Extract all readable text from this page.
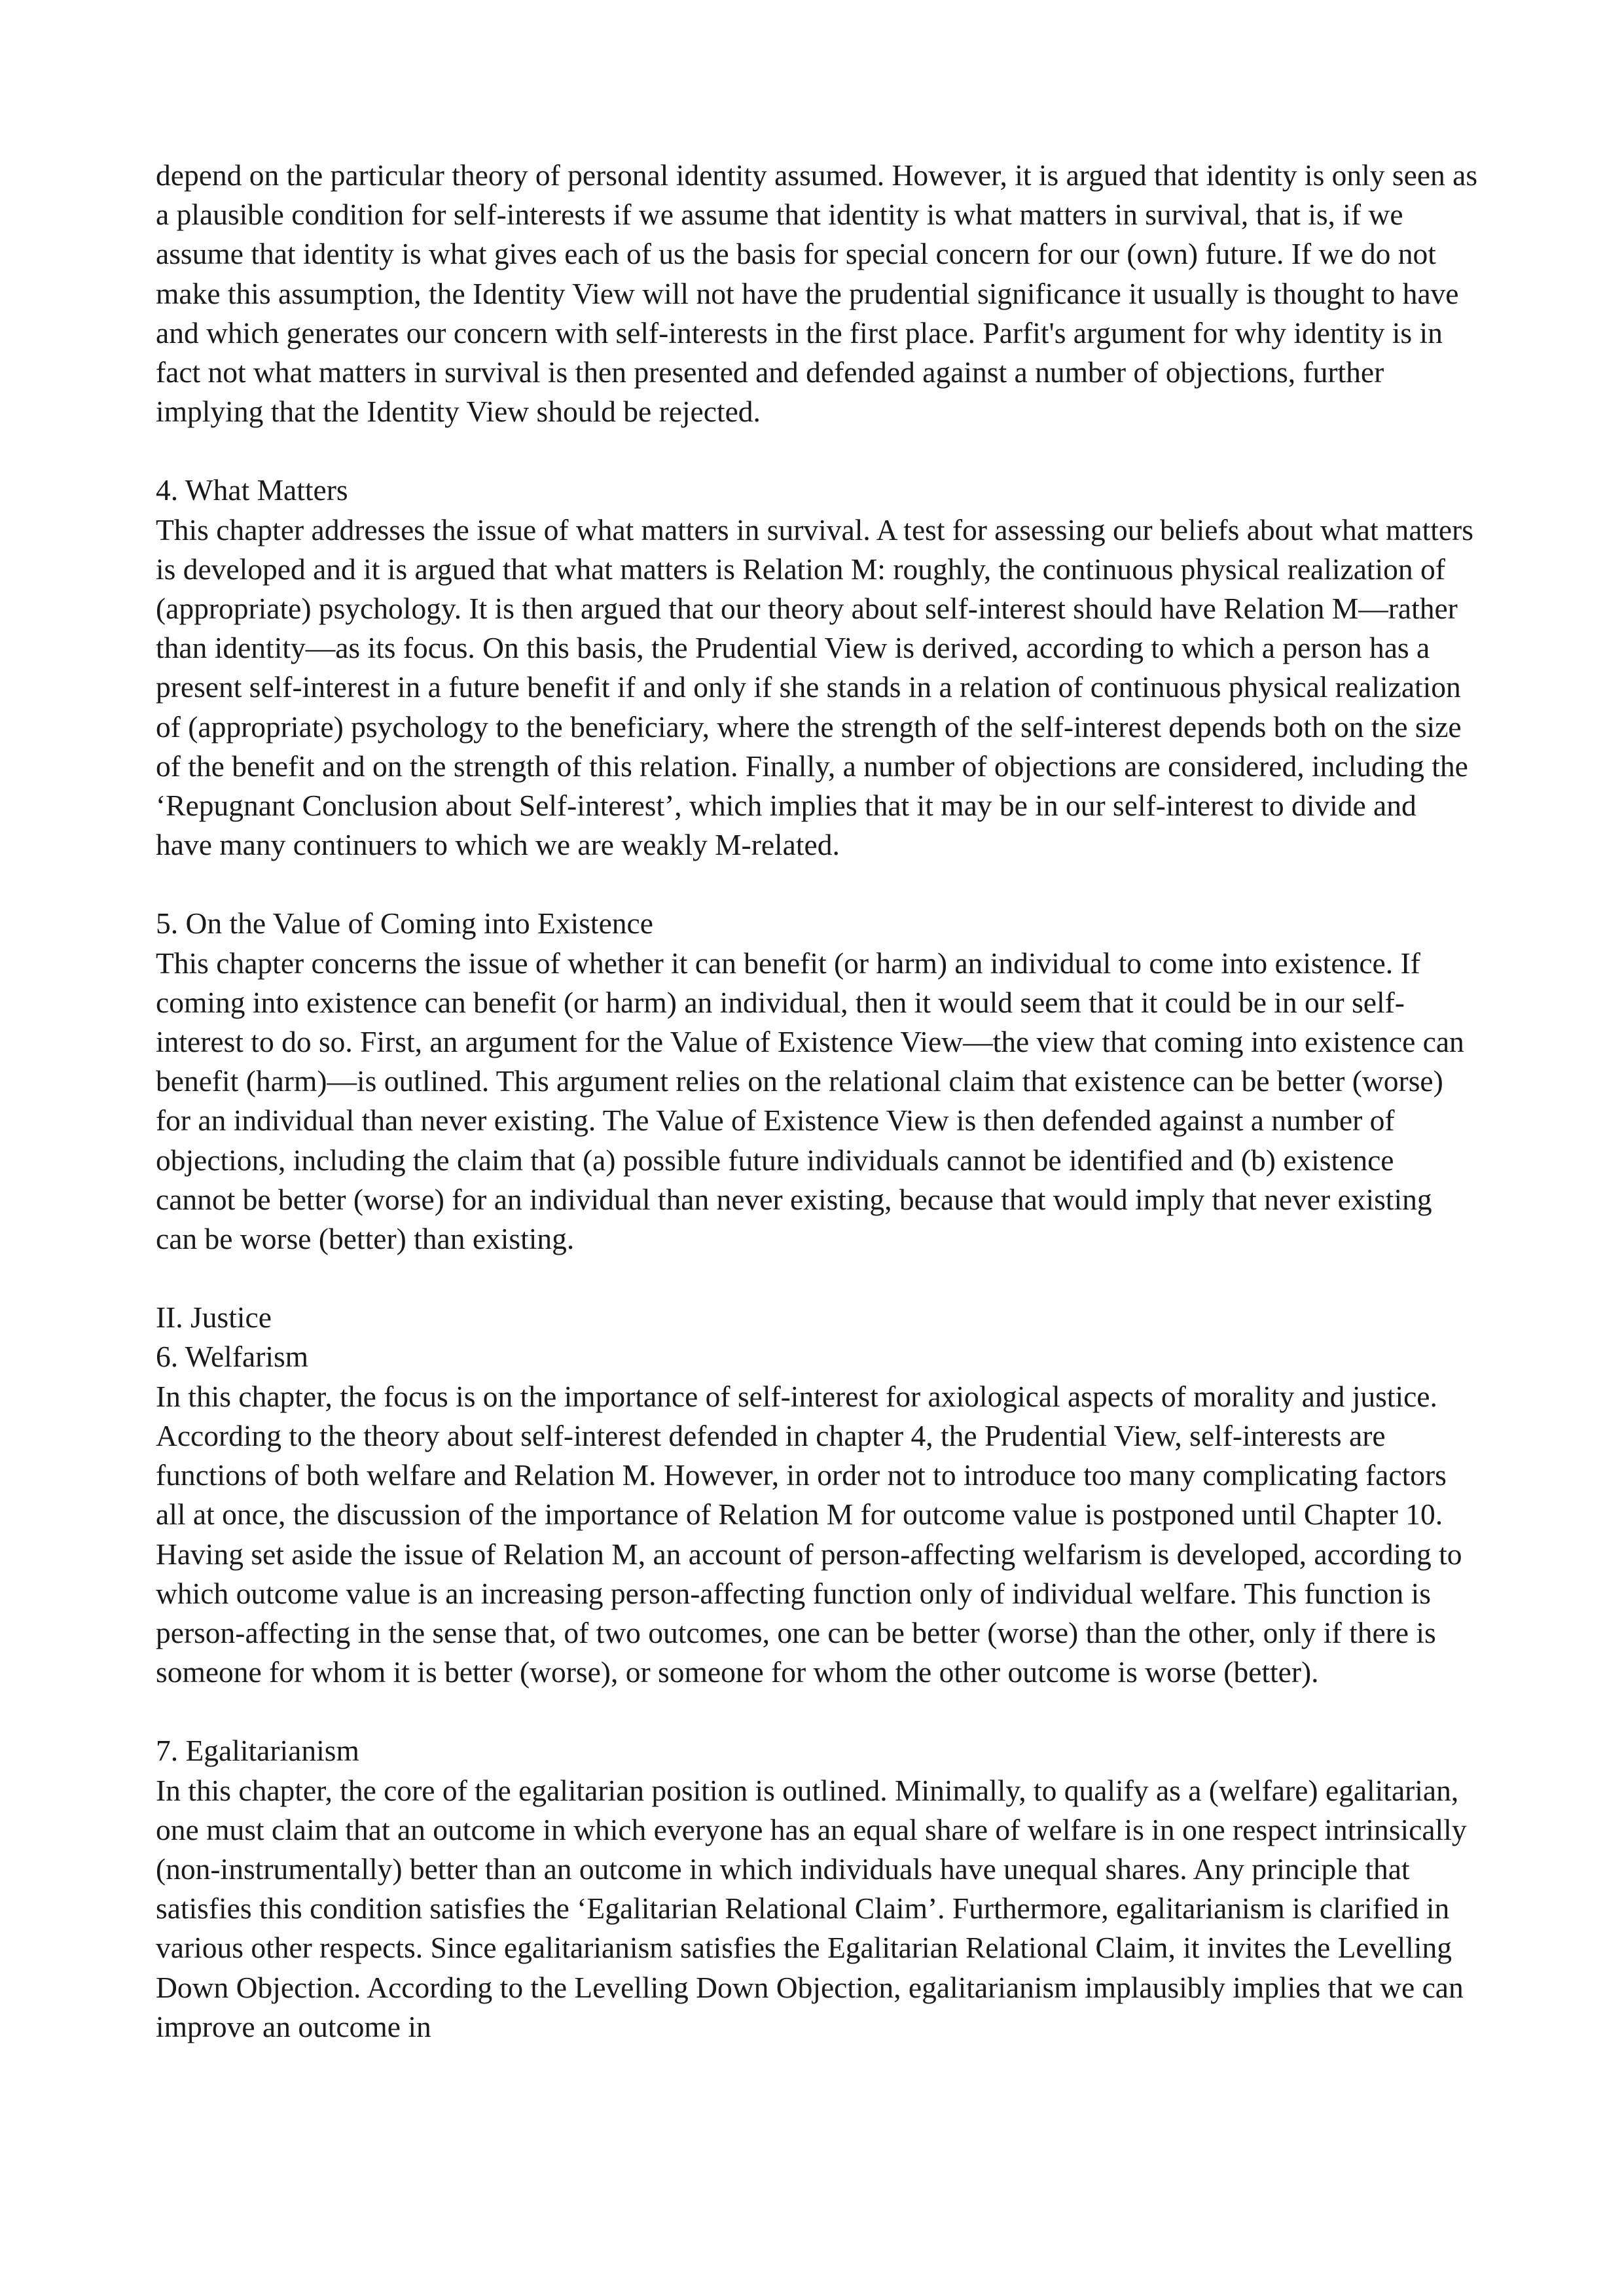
depend on the particular theory of personal identity assumed. However, it is argued that identity is only seen as a plausible condition for self-interests if we assume that identity is what matters in survival, that is, if we assume that identity is what gives each of us the basis for special concern for our (own) future. If we do not make this assumption, the Identity View will not have the prudential significance it usually is thought to have and which generates our concern with self-interests in the first place. Parfit's argument for why identity is in fact not what matters in survival is then presented and defended against a number of objections, further implying that the Identity View should be rejected.

4. What Matters

This chapter addresses the issue of what matters in survival. A test for assessing our beliefs about what matters is developed and it is argued that what matters is Relation M: roughly, the continuous physical realization of (appropriate) psychology. It is then argued that our theory about self-interest should have Relation M—rather than identity—as its focus. On this basis, the Prudential View is derived, according to which a person has a present self-interest in a future benefit if and only if she stands in a relation of continuous physical realization of (appropriate) psychology to the beneficiary, where the strength of the self-interest depends both on the size of the benefit and on the strength of this relation. Finally, a number of objections are considered, including the ‘Repugnant Conclusion about Self-interest’, which implies that it may be in our self-interest to divide and have many continuers to which we are weakly M-related.

5. On the Value of Coming into Existence

This chapter concerns the issue of whether it can benefit (or harm) an individual to come into existence. If coming into existence can benefit (or harm) an individual, then it would seem that it could be in our self-interest to do so. First, an argument for the Value of Existence View—the view that coming into existence can benefit (harm)—is outlined. This argument relies on the relational claim that existence can be better (worse) for an individual than never existing. The Value of Existence View is then defended against a number of objections, including the claim that (a) possible future individuals cannot be identified and (b) existence cannot be better (worse) for an individual than never existing, because that would imply that never existing can be worse (better) than existing.

II. Justice

6. Welfarism

In this chapter, the focus is on the importance of self-interest for axiological aspects of morality and justice. According to the theory about self-interest defended in chapter 4, the Prudential View, self-interests are functions of both welfare and Relation M. However, in order not to introduce too many complicating factors all at once, the discussion of the importance of Relation M for outcome value is postponed until Chapter 10. Having set aside the issue of Relation M, an account of person-affecting welfarism is developed, according to which outcome value is an increasing person-affecting function only of individual welfare. This function is person-affecting in the sense that, of two outcomes, one can be better (worse) than the other, only if there is someone for whom it is better (worse), or someone for whom the other outcome is worse (better).

7. Egalitarianism

In this chapter, the core of the egalitarian position is outlined. Minimally, to qualify as a (welfare) egalitarian, one must claim that an outcome in which everyone has an equal share of welfare is in one respect intrinsically (non-instrumentally) better than an outcome in which individuals have unequal shares. Any principle that satisfies this condition satisfies the ‘Egalitarian Relational Claim’. Furthermore, egalitarianism is clarified in various other respects. Since egalitarianism satisfies the Egalitarian Relational Claim, it invites the Levelling Down Objection. According to the Levelling Down Objection, egalitarianism implausibly implies that we can improve an outcome in
